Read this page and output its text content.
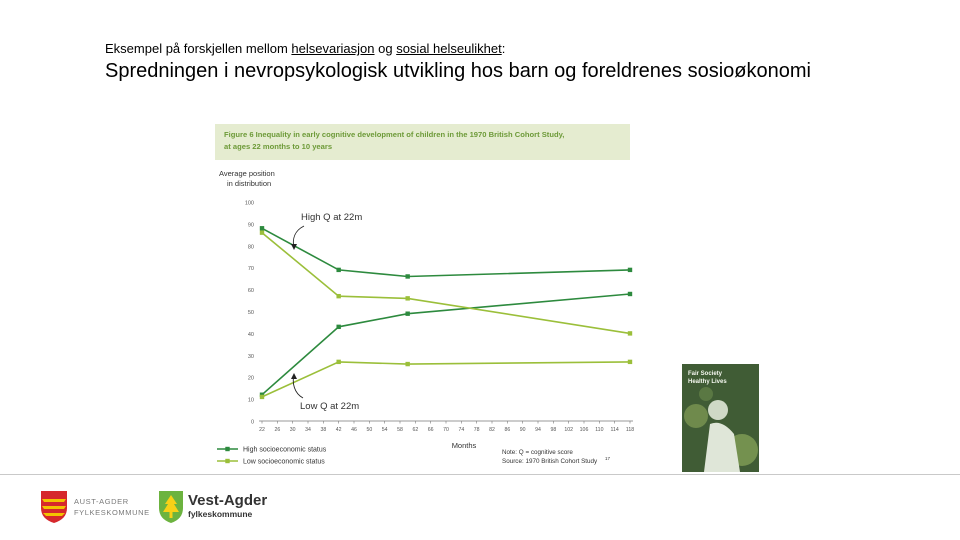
Eksempel på forskjellen mellom helsevariasjon og sosial helseulikhet:
Spredningen i nevropsykologisk utvikling hos barn og foreldrenes sosioøkonomi
Figure 6 Inequality in early cognitive development of children in the 1970 British Cohort Study,
at ages 22 months to 10 years
Average position
in distribution
0
10
20
30
40
50
60
70
80
90
100
22 26 30 34 38 42 46 50 54 58 62 66 70 74 78 82 86 90 94 98 102 106 110 114 118
Months
High Q at 22m
Low Q at 22m
Note: Q = cognitive score
Source: 1970 British Cohort Study 17
High socioeconomic status
Low socioeconomic status
Fair Society
Healthy Lives
AUST-AGDER
FYLKESKOMMUNE
Vest-Agder
fylkeskommune
